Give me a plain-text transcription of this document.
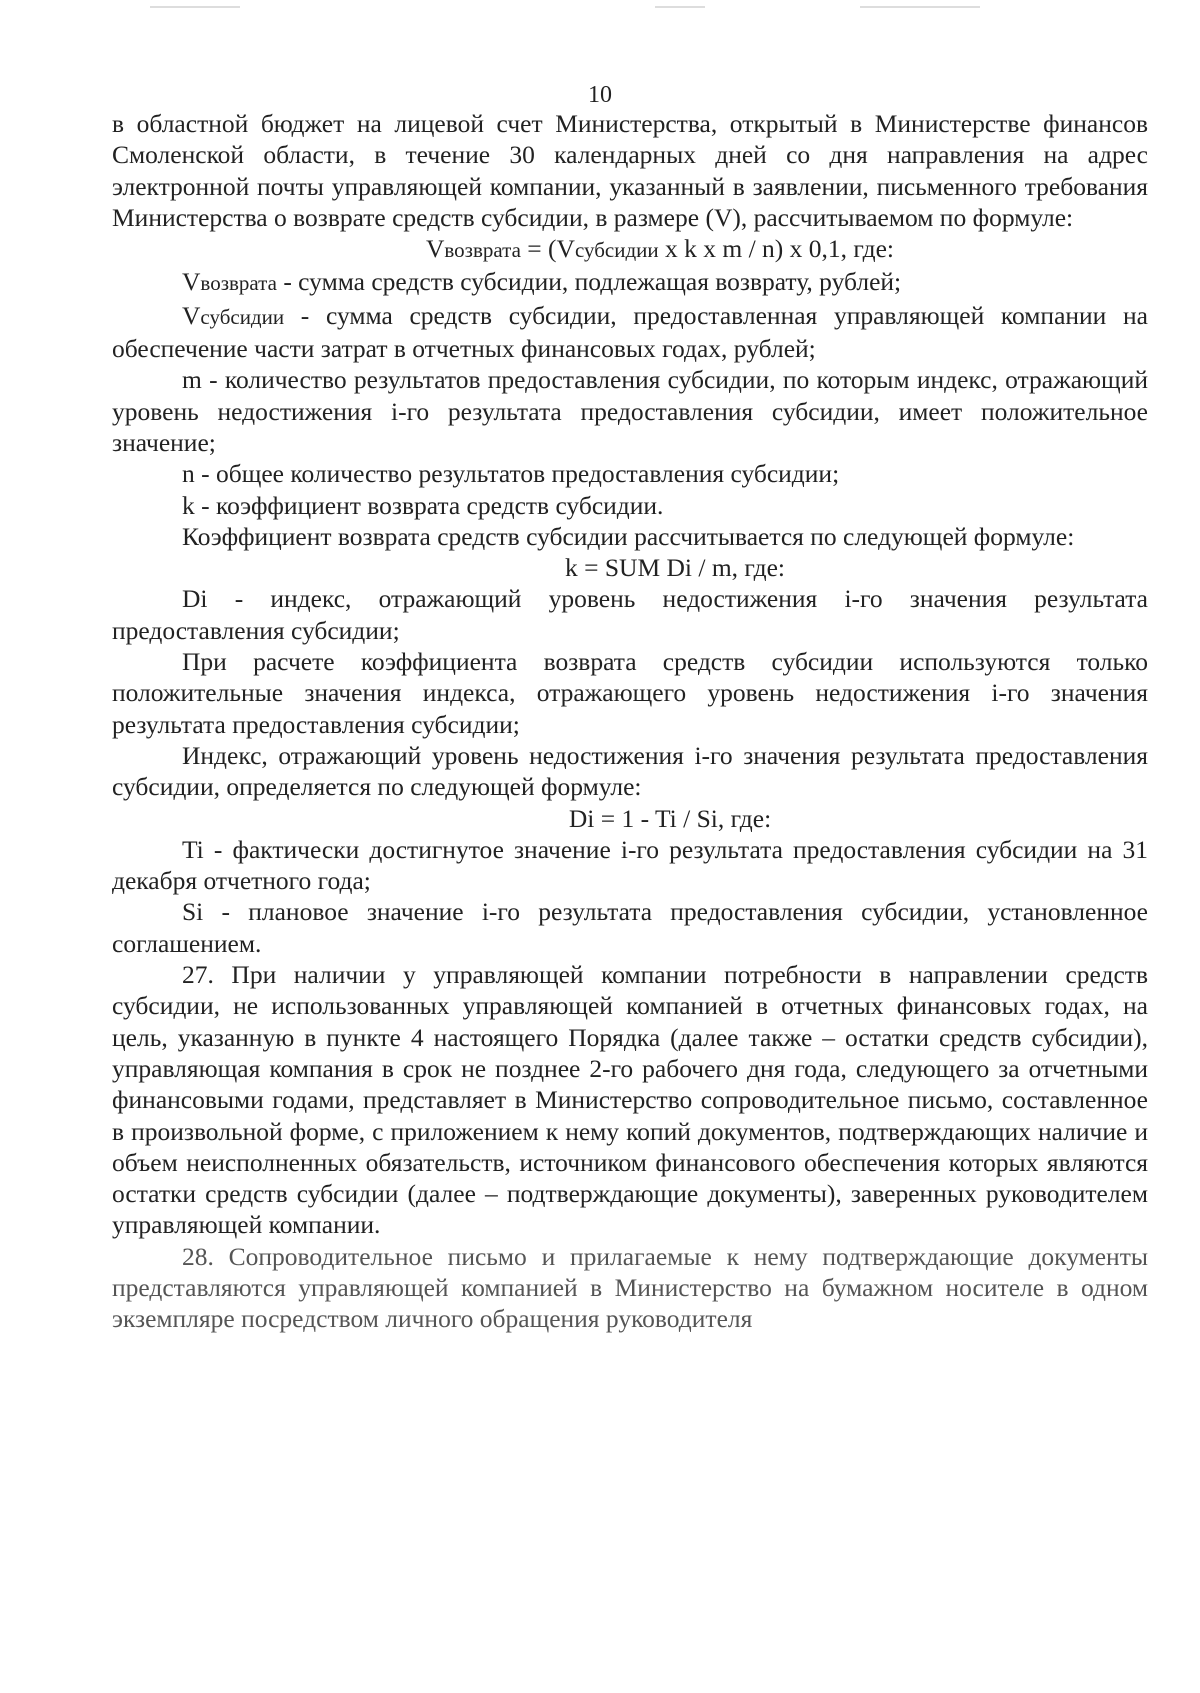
10

в областной бюджет на лицевой счет Министерства, открытый в Министерстве финансов Смоленской области, в течение 30 календарных дней со дня направления на адрес электронной почты управляющей компании, указанный в заявлении, письменного требования Министерства о возврате средств субсидии, в размере (V), рассчитываемом по формуле:

Vвозврата = (Vсубсидии x k x m / n) x 0,1, где:

Vвозврата - сумма средств субсидии, подлежащая возврату, рублей;

Vсубсидии - сумма средств субсидии, предоставленная управляющей компании на обеспечение части затрат в отчетных финансовых годах, рублей;

m - количество результатов предоставления субсидии, по которым индекс, отражающий уровень недостижения i-го результата предоставления субсидии, имеет положительное значение;

n - общее количество результатов предоставления субсидии;

k - коэффициент возврата средств субсидии.

Коэффициент возврата средств субсидии рассчитывается по следующей формуле:

k = SUM Di / m, где:

Di - индекс, отражающий уровень недостижения i-го значения результата предоставления субсидии;

При расчете коэффициента возврата средств субсидии используются только положительные значения индекса, отражающего уровень недостижения i-го значения результата предоставления субсидии;

Индекс, отражающий уровень недостижения i-го значения результата предоставления субсидии, определяется по следующей формуле:

Di = 1 - Ti / Si, где:

Ti - фактически достигнутое значение i-го результата предоставления субсидии на 31 декабря отчетного года;

Si - плановое значение i-го результата предоставления субсидии, установленное соглашением.

27. При наличии у управляющей компании потребности в направлении средств субсидии, не использованных управляющей компанией в отчетных финансовых годах, на цель, указанную в пункте 4 настоящего Порядка (далее также – остатки средств субсидии), управляющая компания в срок не позднее 2-го рабочего дня года, следующего за отчетными финансовыми годами, представляет в Министерство сопроводительное письмо, составленное в произвольной форме, с приложением к нему копий документов, подтверждающих наличие и объем неисполненных обязательств, источником финансового обеспечения которых являются остатки средств субсидии (далее – подтверждающие документы), заверенных руководителем управляющей компании.

28. Сопроводительное письмо и прилагаемые к нему подтверждающие документы представляются управляющей компанией в Министерство на бумажном носителе в одном экземпляре посредством личного обращения руководителя
